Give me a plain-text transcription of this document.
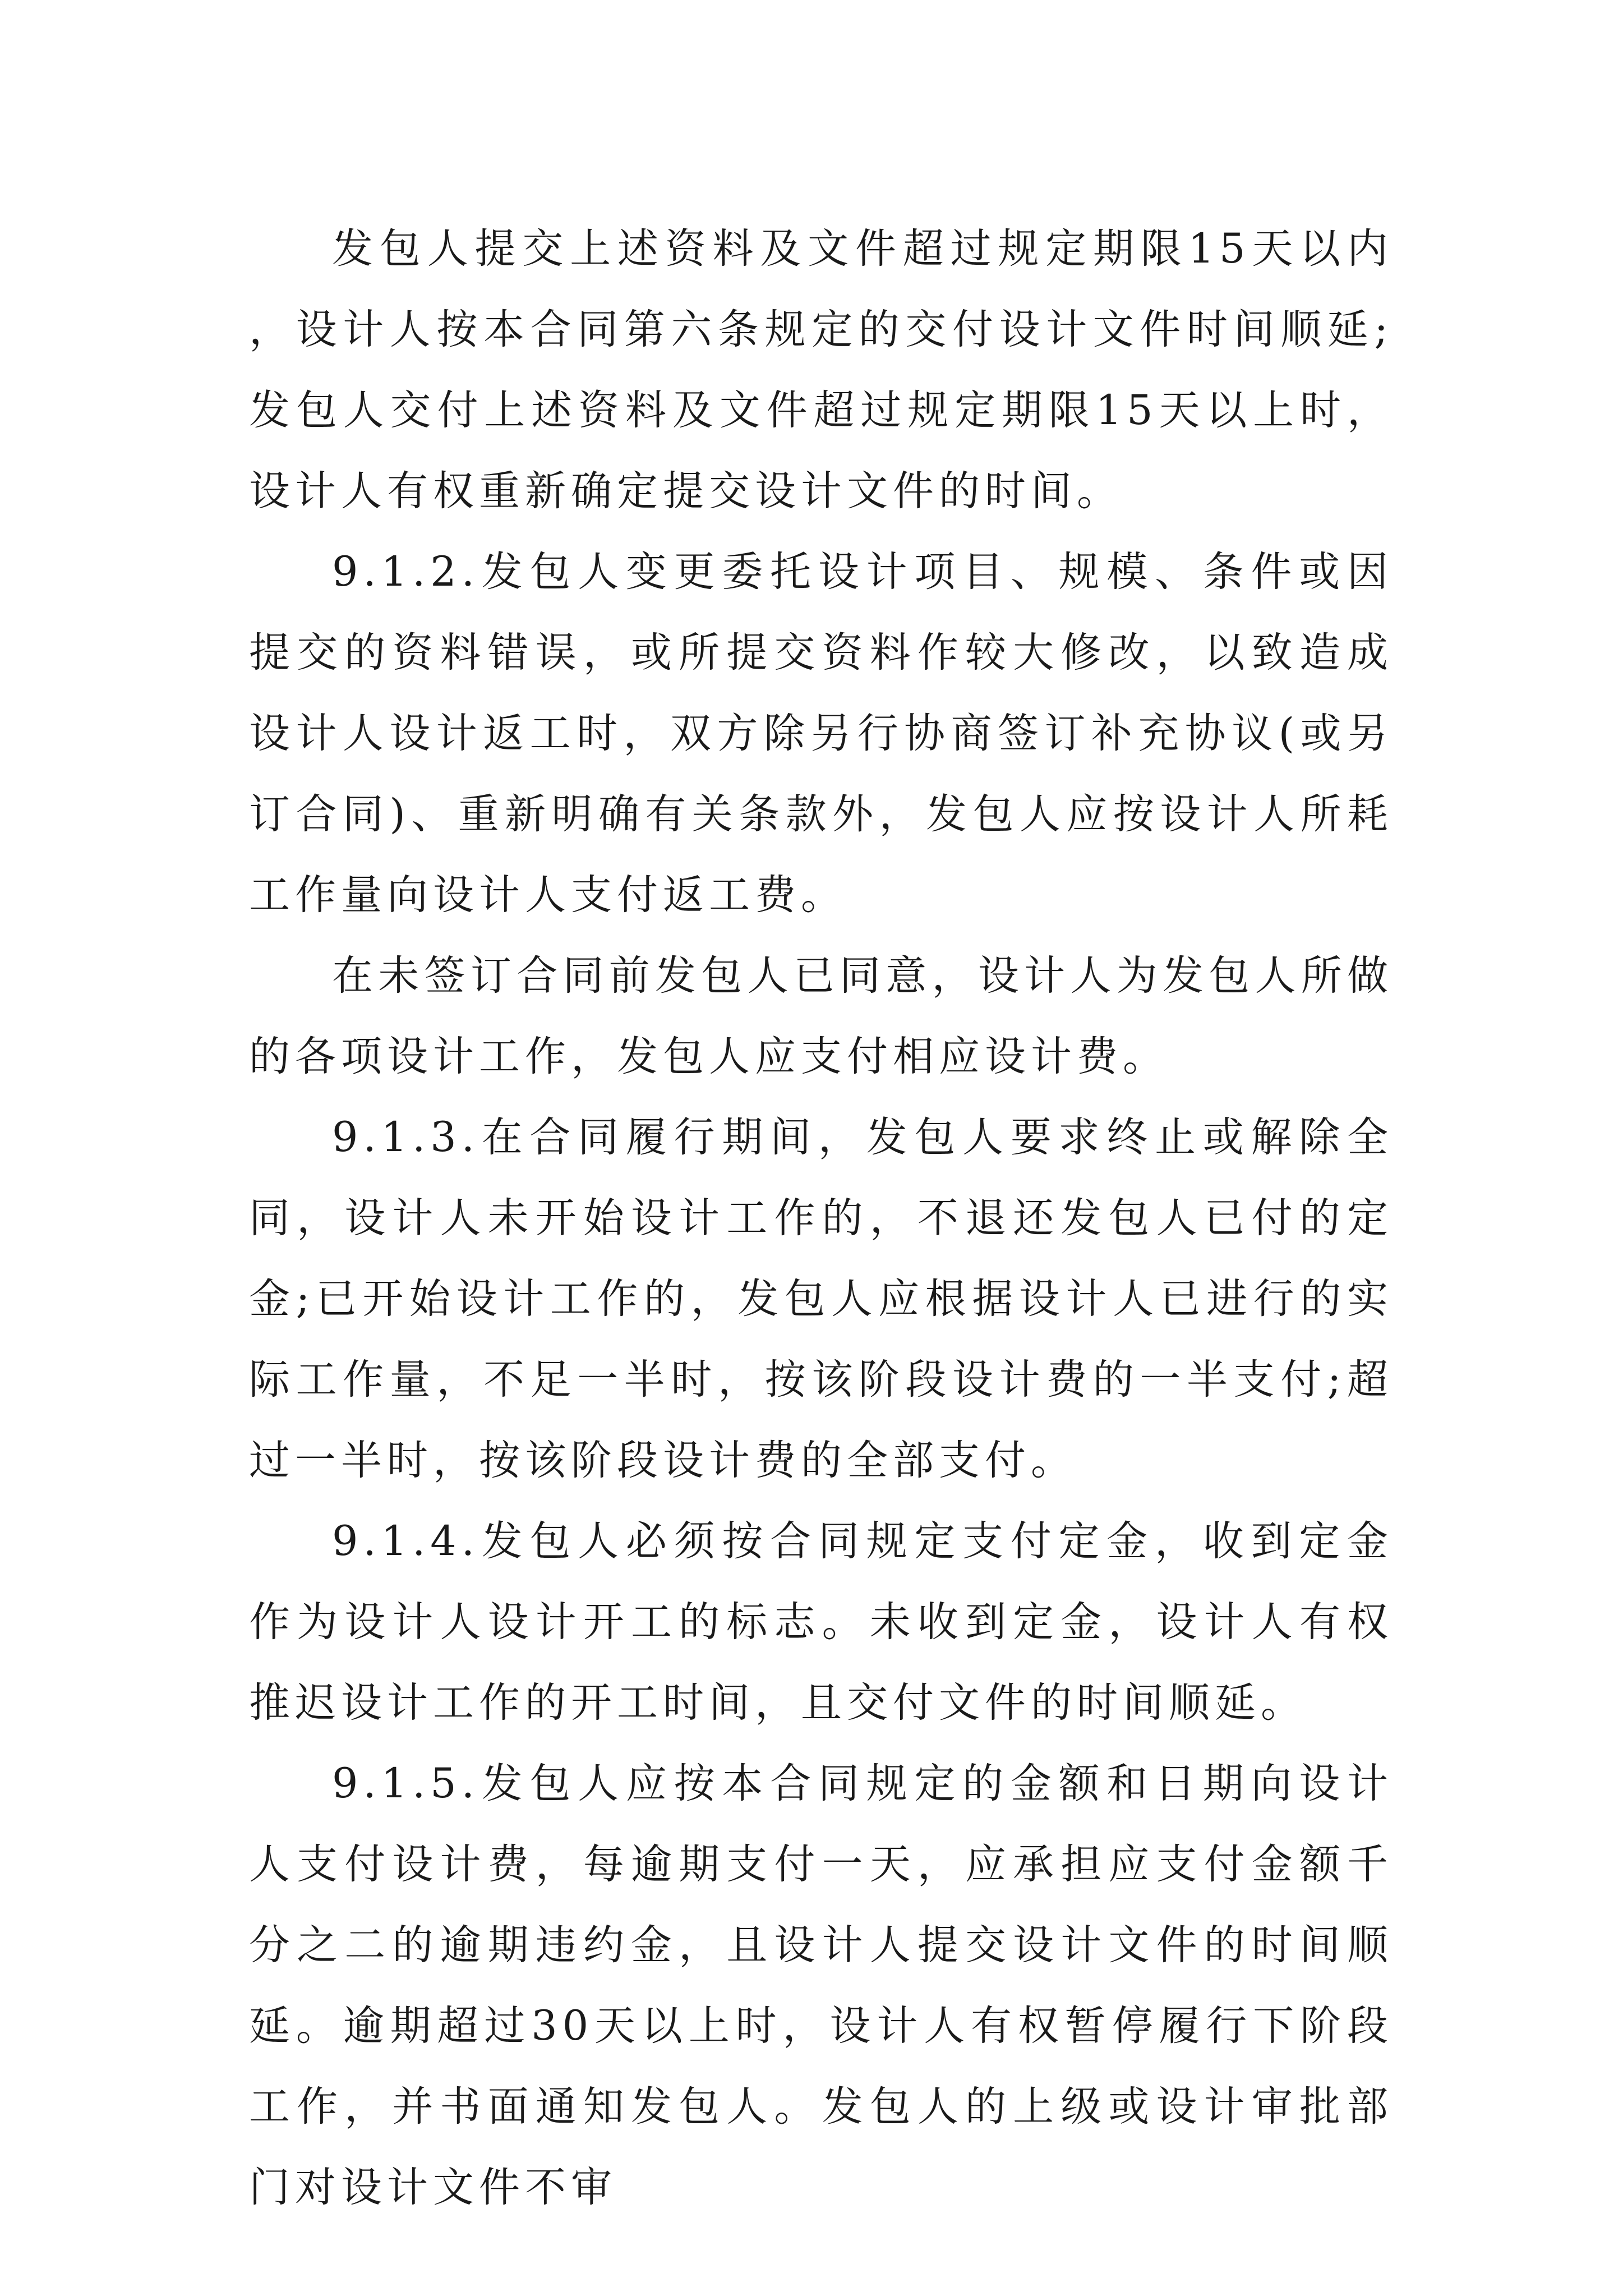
发包人提交上述资料及文件超过规定期限15天以内，设计人按本合同第六条规定的交付设计文件时间顺延;发包人交付上述资料及文件超过规定期限15天以上时，设计人有权重新确定提交设计文件的时间。

9.1.2.发包人变更委托设计项目、规模、条件或因提交的资料错误，或所提交资料作较大修改，以致造成设计人设计返工时，双方除另行协商签订补充协议(或另订合同)、重新明确有关条款外，发包人应按设计人所耗工作量向设计人支付返工费。

在未签订合同前发包人已同意，设计人为发包人所做的各项设计工作，发包人应支付相应设计费。

9.1.3.在合同履行期间，发包人要求终止或解除全同，设计人未开始设计工作的，不退还发包人已付的定金;已开始设计工作的，发包人应根据设计人已进行的实际工作量，不足一半时，按该阶段设计费的一半支付;超过一半时，按该阶段设计费的全部支付。

9.1.4.发包人必须按合同规定支付定金，收到定金作为设计人设计开工的标志。未收到定金，设计人有权推迟设计工作的开工时间，且交付文件的时间顺延。

9.1.5.发包人应按本合同规定的金额和日期向设计人支付设计费，每逾期支付一天，应承担应支付金额千分之二的逾期违约金，且设计人提交设计文件的时间顺延。逾期超过30天以上时，设计人有权暂停履行下阶段工作，并书面通知发包人。发包人的上级或设计审批部门对设计文件不审
